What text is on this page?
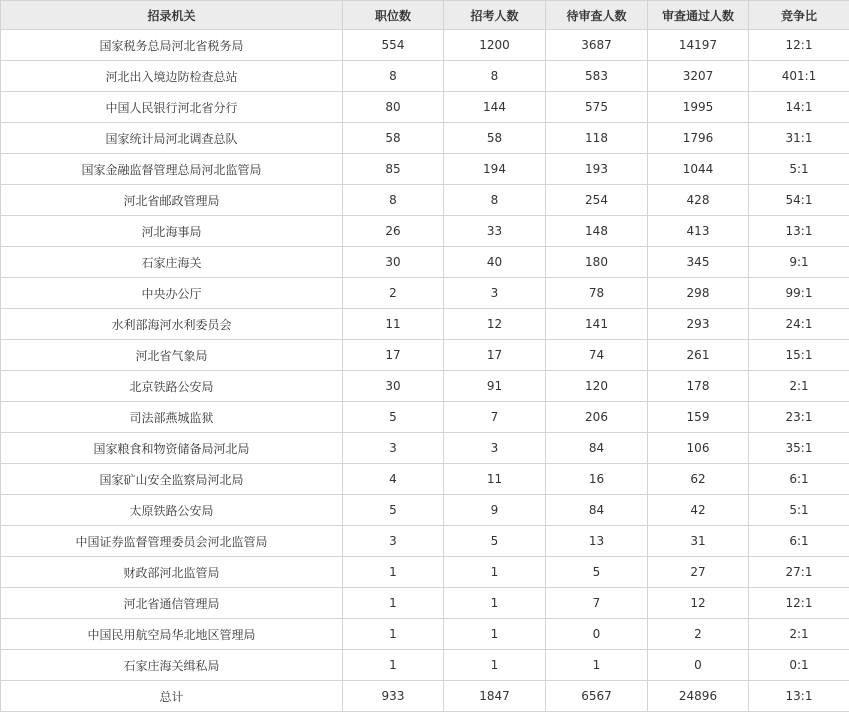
招录机关	职位数	招考人数	待审查人数	审查通过人数	竞争比
国家税务总局河北省税务局	554	1200	3687	14197	12:1
河北出入境边防检查总站	8	8	583	3207	401:1
中国人民银行河北省分行	80	144	575	1995	14:1
国家统计局河北调查总队	58	58	118	1796	31:1
国家金融监督管理总局河北监管局	85	194	193	1044	5:1
河北省邮政管理局	8	8	254	428	54:1
河北海事局	26	33	148	413	13:1
石家庄海关	30	40	180	345	9:1
中央办公厅	2	3	78	298	99:1
水利部海河水利委员会	11	12	141	293	24:1
河北省气象局	17	17	74	261	15:1
北京铁路公安局	30	91	120	178	2:1
司法部燕城监狱	5	7	206	159	23:1
国家粮食和物资储备局河北局	3	3	84	106	35:1
国家矿山安全监察局河北局	4	11	16	62	6:1
太原铁路公安局	5	9	84	42	5:1
中国证券监督管理委员会河北监管局	3	5	13	31	6:1
财政部河北监管局	1	1	5	27	27:1
河北省通信管理局	1	1	7	12	12:1
中国民用航空局华北地区管理局	1	1	0	2	2:1
石家庄海关缉私局	1	1	1	0	0:1
总计	933	1847	6567	24896	13:1
